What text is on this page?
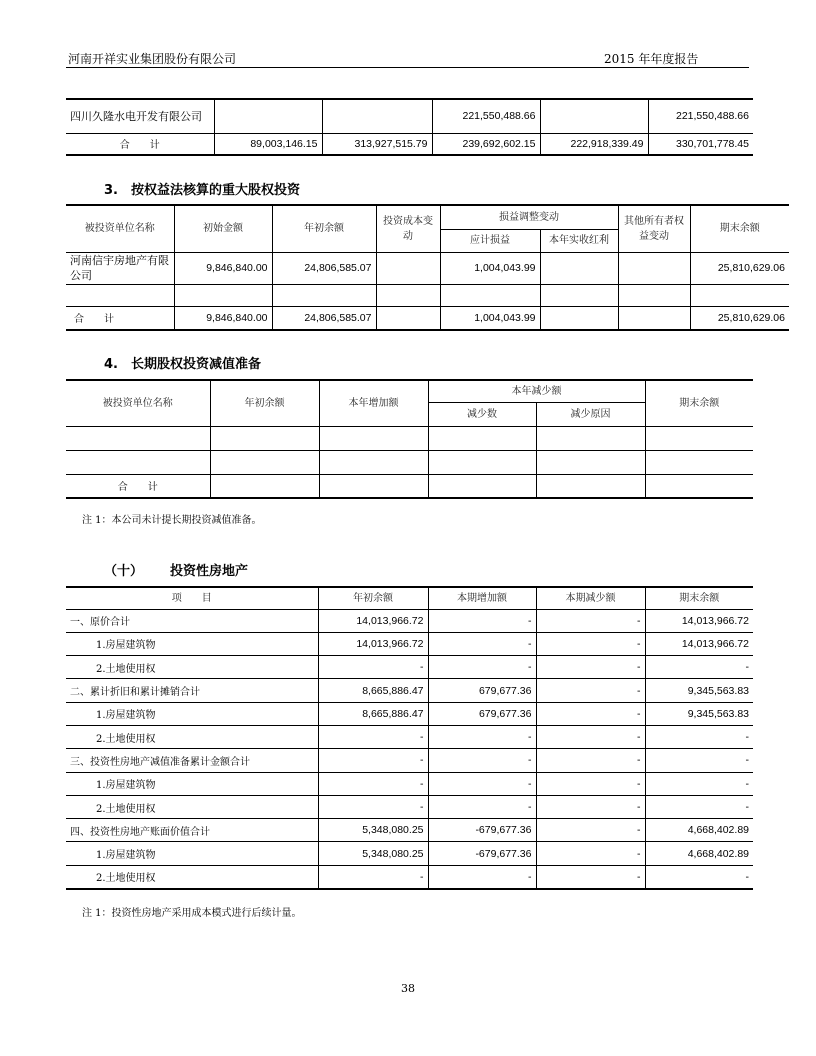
河南开祥实业集团股份有限公司	2015 年年度报告
四川久隆水电开发有限公司			221,550,488.66		221,550,488.66
合　　计	89,003,146.15	313,927,515.79	239,692,602.15	222,918,339.49	330,701,778.45
3.　按权益法核算的重大股权投资
被投资单位名称	初始金额	年初余额	投资成本变动	损益调整变动		其他所有者权益变动	期末余额
				应计损益	本年实收红利		
河南信宇房地产有限公司	9,846,840.00	24,806,585.07		1,004,043.99			25,810,629.06

合　　计	9,846,840.00	24,806,585.07		1,004,043.99			25,810,629.06
4.　长期股权投资减值准备
被投资单位名称	年初余额	本年增加额	本年减少额		期末余额
			减少数	减少原因	

合　　计					
注 1：本公司未计提长期投资减值准备。
（十） 投资性房地产
项　　目	年初余额	本期增加额	本期减少额	期末余额
一、原价合计	14,013,966.72	-	-	14,013,966.72
1.房屋建筑物	14,013,966.72	-	-	14,013,966.72
2.土地使用权	-	-	-	-
二、累计折旧和累计摊销合计	8,665,886.47	679,677.36	-	9,345,563.83
1.房屋建筑物	8,665,886.47	679,677.36	-	9,345,563.83
2.土地使用权	-	-	-	-
三、投资性房地产减值准备累计金额合计	-	-	-	-
1.房屋建筑物	-	-	-	-
2.土地使用权	-	-	-	-
四、投资性房地产账面价值合计	5,348,080.25	-679,677.36	-	4,668,402.89
1.房屋建筑物	5,348,080.25	-679,677.36	-	4,668,402.89
2.土地使用权	-	-	-	-
注 1：投资性房地产采用成本模式进行后续计量。
38
